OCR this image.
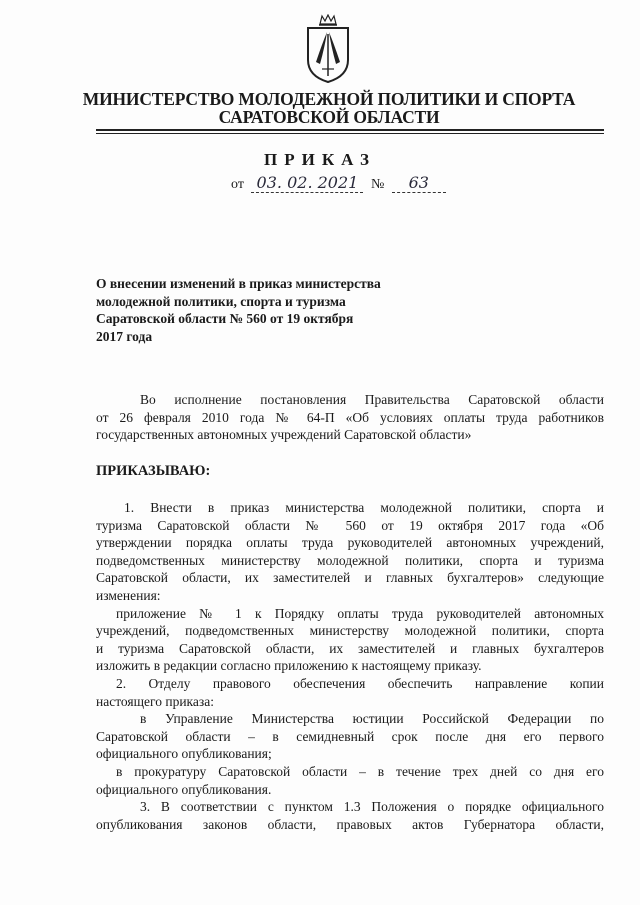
МИНИСТЕРСТВО МОЛОДЕЖНОЙ ПОЛИТИКИ И СПОРТА
САРАТОВСКОЙ ОБЛАСТИ
ПРИКАЗ
от 03. 02. 2021 № 63
О внесении изменений в приказ министерства
молодежной политики, спорта и туризма
Саратовской области № 560 от 19 октября
2017 года
Во исполнение постановления Правительства Саратовской области
от 26 февраля 2010 года № 64-П «Об условиях оплаты труда работников
государственных автономных учреждений Саратовской области»
ПРИКАЗЫВАЮ:
1. Внести в приказ министерства молодежной политики, спорта и
туризма Саратовской области № 560 от 19 октября 2017 года «Об
утверждении порядка оплаты труда руководителей автономных учреждений,
подведомственных министерству молодежной политики, спорта и туризма
Саратовской области, их заместителей и главных бухгалтеров» следующие
изменения:
приложение № 1 к Порядку оплаты труда руководителей автономных
учреждений, подведомственных министерству молодежной политики, спорта
и туризма Саратовской области, их заместителей и главных бухгалтеров
изложить в редакции согласно приложению к настоящему приказу.
2. Отделу правового обеспечения обеспечить направление копии
настоящего приказа:
в Управление Министерства юстиции Российской Федерации по
Саратовской области – в семидневный срок после дня его первого
официального опубликования;
в прокуратуру Саратовской области – в течение трех дней со дня его
официального опубликования.
3. В соответствии с пунктом 1.3 Положения о порядке официального
опубликования законов области, правовых актов Губернатора области,
